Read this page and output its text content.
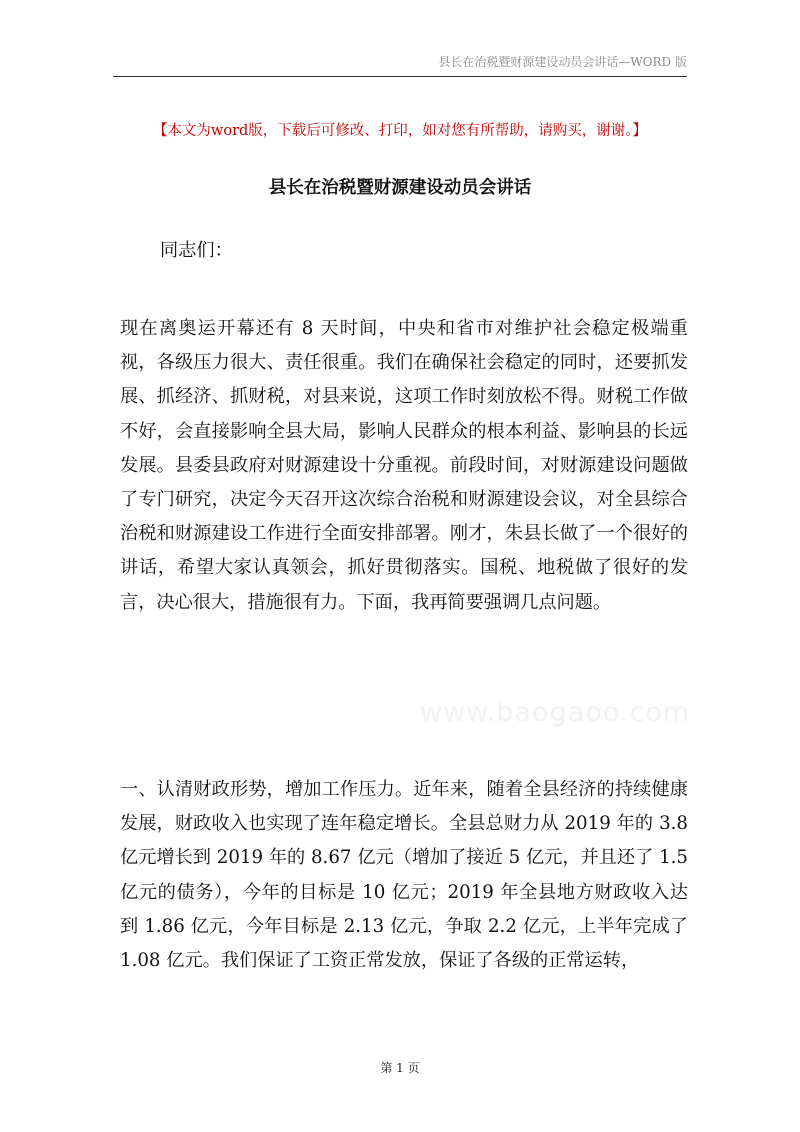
县长在治税暨财源建设动员会讲话—WORD 版
【本文为word版，下载后可修改、打印，如对您有所帮助，请购买，谢谢。】
县长在治税暨财源建设动员会讲话
同志们：

现在离奥运开幕还有 8 天时间，中央和省市对维护社会稳定极端重视，各级压力很大、责任很重。我们在确保社会稳定的同时，还要抓发展、抓经济、抓财税，对县来说，这项工作时刻放松不得。财税工作做不好，会直接影响全县大局，影响人民群众的根本利益、影响县的长远发展。县委县政府对财源建设十分重视。前段时间，对财源建设问题做了专门研究，决定今天召开这次综合治税和财源建设会议，对全县综合治税和财源建设工作进行全面安排部署。刚才，朱县长做了一个很好的讲话，希望大家认真领会，抓好贯彻落实。国税、地税做了很好的发言，决心很大，措施很有力。下面，我再简要强调几点问题。

www.baogaoo.com

一、认清财政形势，增加工作压力。近年来，随着全县经济的持续健康发展，财政收入也实现了连年稳定增长。全县总财力从 2019 年的 3.8 亿元增长到 2019 年的 8.67 亿元（增加了接近 5 亿元，并且还了 1.5 亿元的债务），今年的目标是 10 亿元；2019 年全县地方财政收入达到 1.86 亿元，今年目标是 2.13 亿元，争取 2.2 亿元，上半年完成了 1.08 亿元。我们保证了工资正常发放，保证了各级的正常运转，

第 1 页
